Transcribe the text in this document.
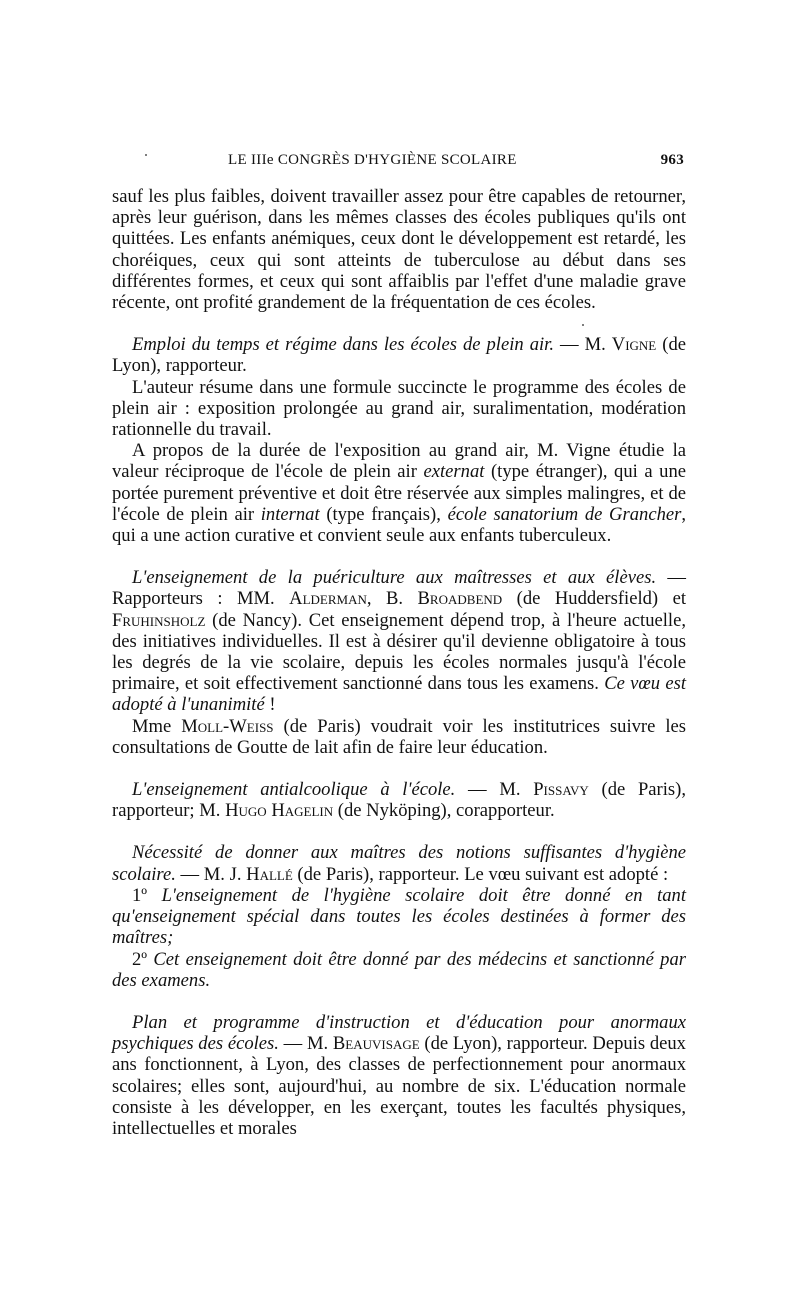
LE IIIe CONGRÈS D'HYGIÈNE SCOLAIRE	963

sauf les plus faibles, doivent travailler assez pour être capables de retourner, après leur guérison, dans les mêmes classes des écoles publiques qu'ils ont quittées. Les enfants anémiques, ceux dont le développement est retardé, les choréiques, ceux qui sont atteints de tuberculose au début dans ses différentes formes, et ceux qui sont affaiblis par l'effet d'une maladie grave récente, ont profité grandement de la fréquentation de ces écoles.

Emploi du temps et régime dans les écoles de plein air. — M. Vigne (de Lyon), rapporteur.

L'auteur résume dans une formule succincte le programme des écoles de plein air : exposition prolongée au grand air, suralimentation, modération rationnelle du travail.

A propos de la durée de l'exposition au grand air, M. Vigne étudie la valeur réciproque de l'école de plein air externat (type étranger), qui a une portée purement préventive et doit être réservée aux simples malingres, et de l'école de plein air internat (type français), école sanatorium de Grancher, qui a une action curative et convient seule aux enfants tuberculeux.

L'enseignement de la puériculture aux maîtresses et aux élèves. — Rapporteurs : MM. Alderman, B. Broadbend (de Huddersfield) et Fruhinsholz (de Nancy). Cet enseignement dépend trop, à l'heure actuelle, des initiatives individuelles. Il est à désirer qu'il devienne obligatoire à tous les degrés de la vie scolaire, depuis les écoles normales jusqu'à l'école primaire, et soit effectivement sanctionné dans tous les examens. Ce vœu est adopté à l'unanimité !

Mme Moll-Weiss (de Paris) voudrait voir les institutrices suivre les consultations de Goutte de lait afin de faire leur éducation.

L'enseignement antialcoolique à l'école. — M. Pissavy (de Paris), rapporteur; M. Hugo Hagelin (de Nyköping), corapporteur.

Nécessité de donner aux maîtres des notions suffisantes d'hygiène scolaire. — M. J. Hallé (de Paris), rapporteur. Le vœu suivant est adopté :

1º L'enseignement de l'hygiène scolaire doit être donné en tant qu'enseignement spécial dans toutes les écoles destinées à former des maîtres;

2º Cet enseignement doit être donné par des médecins et sanctionné par des examens.

Plan et programme d'instruction et d'éducation pour anormaux psychiques des écoles. — M. Beauvisage (de Lyon), rapporteur. Depuis deux ans fonctionnent, à Lyon, des classes de perfectionnement pour anormaux scolaires; elles sont, aujourd'hui, au nombre de six. L'éducation normale consiste à les développer, en les exerçant, toutes les facultés physiques, intellectuelles et morales
